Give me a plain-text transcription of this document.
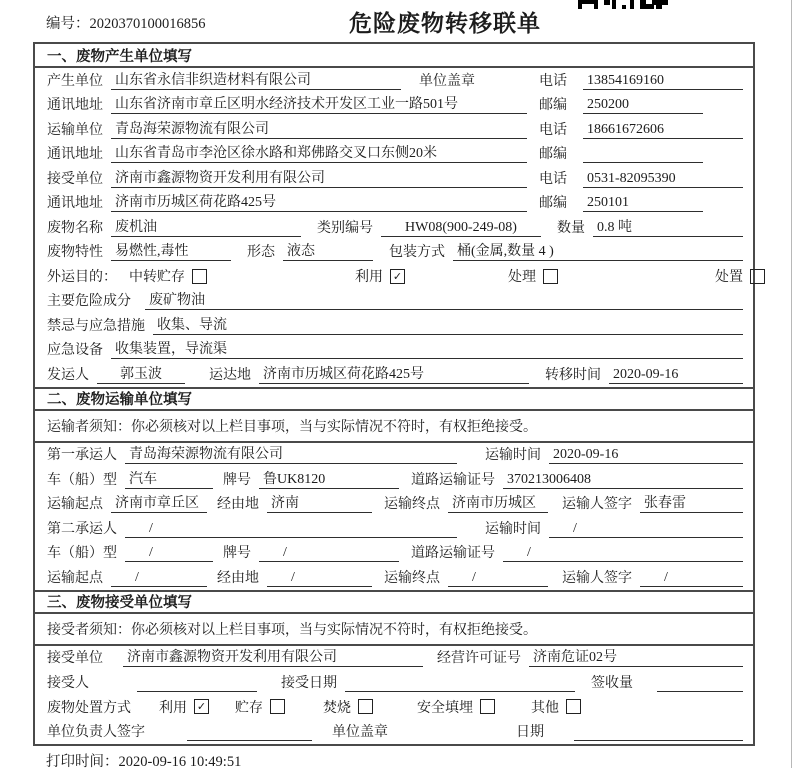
编号：2020370100016856	危险废物转移联单
一、废物产生单位填写
产生单位 山东省永信非织造材料有限公司	单位盖章	电话	13854169160
通讯地址 山东省济南市章丘区明水经济技术开发区工业一路501号	邮编	250200
运输单位 青岛海荣源物流有限公司	电话	18661672606
通讯地址 山东省青岛市李沧区徐水路和郑佛路交叉口东侧20米	邮编
接受单位 济南市鑫源物资开发利用有限公司	电话	0531-82095390
通讯地址 济南市历城区荷花路425号	邮编	250101
废物名称 废机油	类别编号	HW08(900-249-08)	数量 0.8 吨
废物特性 易燃性,毒性	形态 液态	包装方式 桶(金属,数量 4 )
外运目的： 中转贮存	利用 ✓	处理	处置
主要危险成分 废矿物油
禁忌与应急措施 收集、导流
应急设备 收集装置，导流渠
发运人	郭玉波	运达地 济南市历城区荷花路425号	转移时间 2020-09-16
二、废物运输单位填写
运输者须知：你必须核对以上栏目事项，当与实际情况不符时，有权拒绝接受。
第一承运人 青岛海荣源物流有限公司	运输时间 2020-09-16
车（船）型 汽车	牌号 鲁UK8120	道路运输证号 370213006408
运输起点 济南市章丘区	经由地 济南	运输终点 济南市历城区	运输人签字 张春雷
第二承运人	/	运输时间	/
车（船）型	/	牌号	/	道路运输证号	/
运输起点	/	经由地	/	运输终点	/	运输人签字	/
三、废物接受单位填写
接受者须知：你必须核对以上栏目事项，当与实际情况不符时，有权拒绝接受。
接受单位 济南市鑫源物资开发利用有限公司	经营许可证号 济南危证02号
接受人	接受日期	签收量
废物处置方式 利用 ✓ 贮存	焚烧	安全填埋	其他
单位负责人签字	单位盖章	日期
打印时间：2020-09-16 10:49:51
